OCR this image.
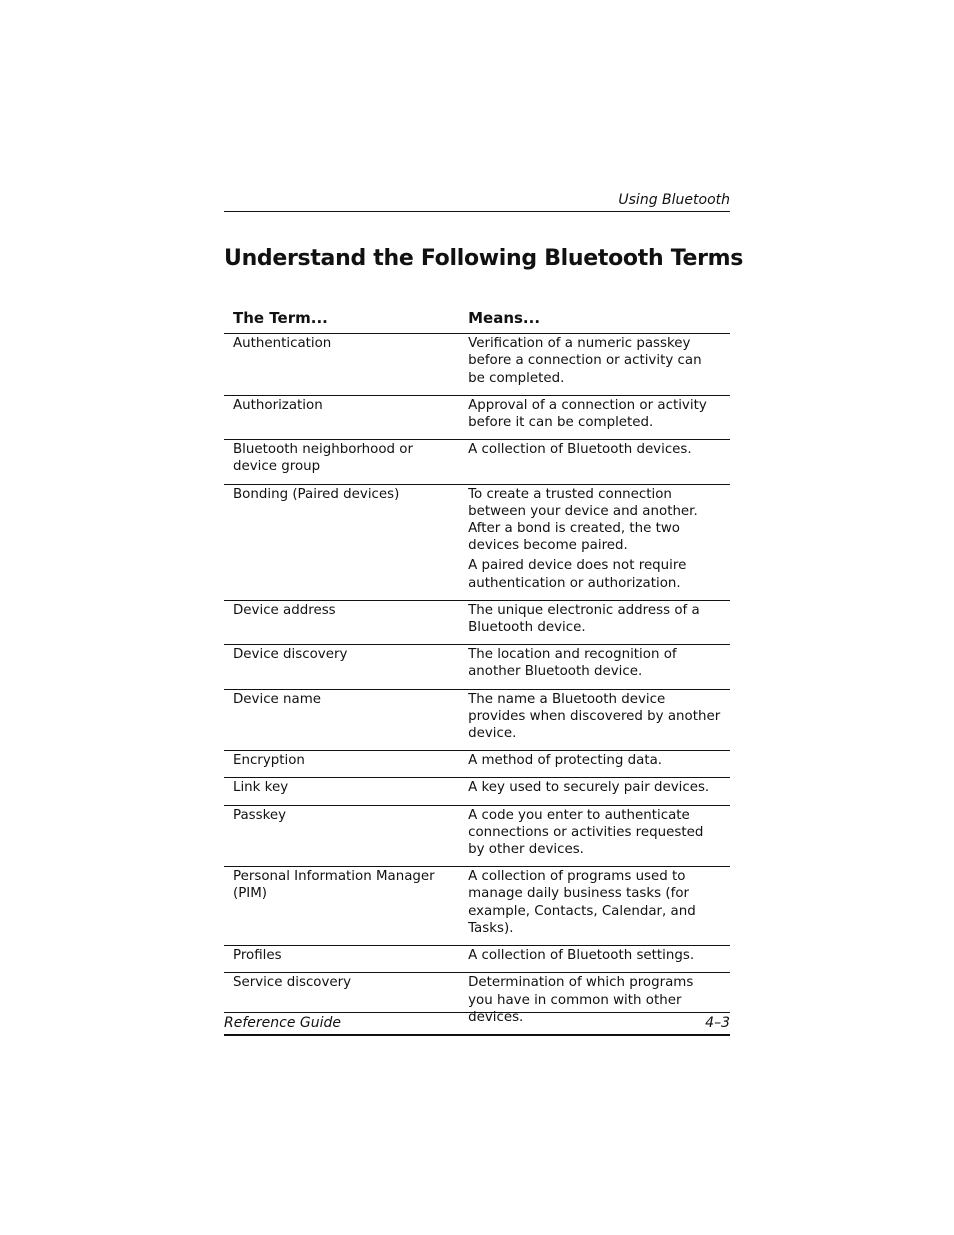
Using Bluetooth
Understand the Following Bluetooth Terms
The Term...	Means...
Authentication	Verification of a numeric passkey before a connection or activity can be completed.

Authorization	Approval of a connection or activity before it can be completed.

Bluetooth neighborhood or device group	A collection of Bluetooth devices.

Bonding (Paired devices)	To create a trusted connection between your device and another. After a bond is created, the two devices become paired.
A paired device does not require authentication or authorization.

Device address	The unique electronic address of a Bluetooth device.

Device discovery	The location and recognition of another Bluetooth device.

Device name	The name a Bluetooth device provides when discovered by another device.

Encryption	A method of protecting data.

Link key	A key used to securely pair devices.

Passkey	A code you enter to authenticate connections or activities requested by other devices.

Personal Information Manager (PIM)	A collection of programs used to manage daily business tasks (for example, Contacts, Calendar, and Tasks).

Profiles	A collection of Bluetooth settings.

Service discovery	Determination of which programs you have in common with other devices.
Reference Guide	4–3
